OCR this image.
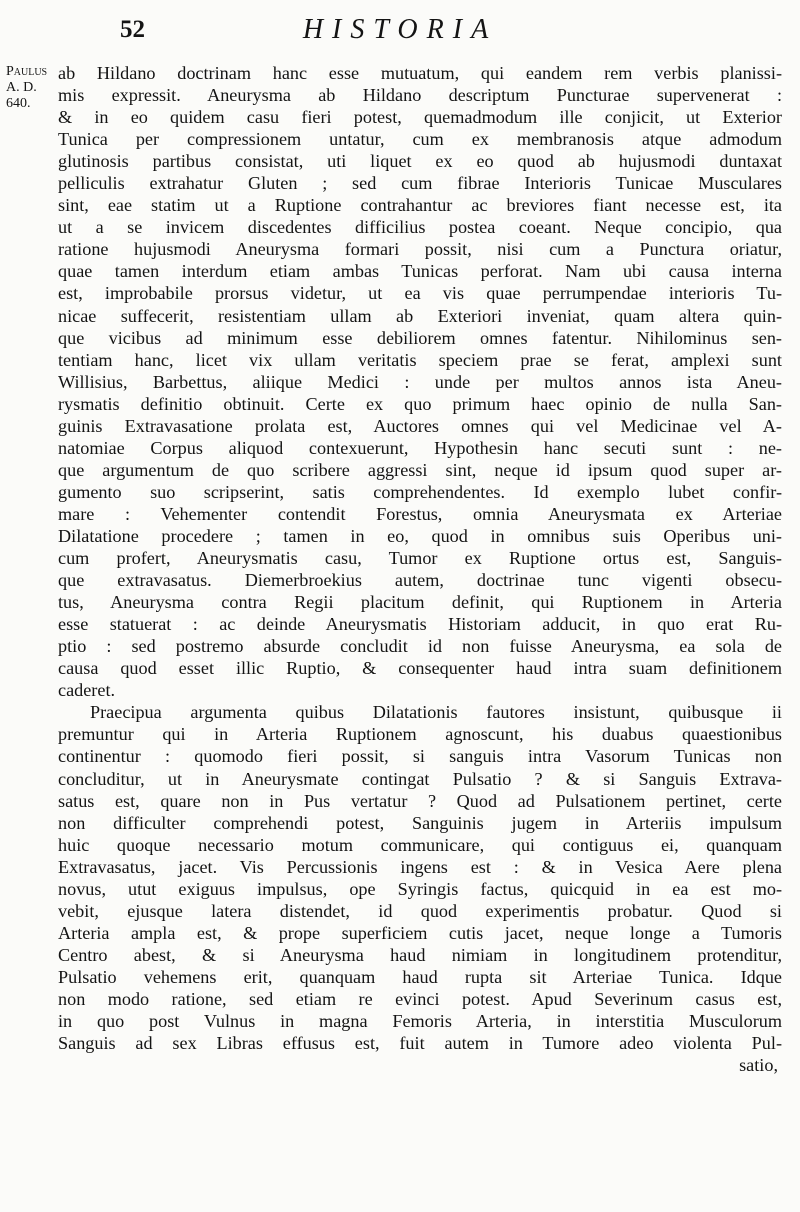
52	HISTORIA
Paulus
A. D.
640.
ab Hildano doctrinam hanc esse mutuatum, qui eandem rem verbis planissi-
mis expressit. Aneurysma ab Hildano descriptum Puncturae supervenerat :
& in eo quidem casu fieri potest, quemadmodum ille conjicit, ut Exterior
Tunica per compressionem untatur, cum ex membranosis atque admodum
glutinosis partibus consistat, uti liquet ex eo quod ab hujusmodi duntaxat
pelliculis extrahatur Gluten ; sed cum fibrae Interioris Tunicae Musculares
sint, eae statim ut a Ruptione contrahantur ac breviores fiant necesse est, ita
ut a se invicem discedentes difficilius postea coeant. Neque concipio, qua
ratione hujusmodi Aneurysma formari possit, nisi cum a Punctura oriatur,
quae tamen interdum etiam ambas Tunicas perforat. Nam ubi causa interna
est, improbabile prorsus videtur, ut ea vis quae perrumpendae interioris Tu-
nicae suffecerit, resistentiam ullam ab Exteriori inveniat, quam altera quin-
que vicibus ad minimum esse debiliorem omnes fatentur. Nihilominus sen-
tentiam hanc, licet vix ullam veritatis speciem prae se ferat, amplexi sunt
Willisius, Barbettus, aliique Medici : unde per multos annos ista Aneu-
rysmatis definitio obtinuit. Certe ex quo primum haec opinio de nulla San-
guinis Extravasatione prolata est, Auctores omnes qui vel Medicinae vel A-
natomiae Corpus aliquod contexuerunt, Hypothesin hanc secuti sunt : ne-
que argumentum de quo scribere aggressi sint, neque id ipsum quod super ar-
gumento suo scripserint, satis comprehendentes. Id exemplo lubet confir-
mare : Vehementer contendit Forestus, omnia Aneurysmata ex Arteriae
Dilatatione procedere ; tamen in eo, quod in omnibus suis Operibus uni-
cum profert, Aneurysmatis casu, Tumor ex Ruptione ortus est, Sanguis-
que extravasatus. Diemerbroekius autem, doctrinae tunc vigenti obsecu-
tus, Aneurysma contra Regii placitum definit, qui Ruptionem in Arteria
esse statuerat : ac deinde Aneurysmatis Historiam adducit, in quo erat Ru-
ptio : sed postremo absurde concludit id non fuisse Aneurysma, ea sola de
causa quod esset illic Ruptio, & consequenter haud intra suam definitionem
caderet.
Praecipua argumenta quibus Dilatationis fautores insistunt, quibusque ii
premuntur qui in Arteria Ruptionem agnoscunt, his duabus quaestionibus
continentur : quomodo fieri possit, si sanguis intra Vasorum Tunicas non
concluditur, ut in Aneurysmate contingat Pulsatio ? & si Sanguis Extrava-
satus est, quare non in Pus vertatur ? Quod ad Pulsationem pertinet, certe
non difficulter comprehendi potest, Sanguinis jugem in Arteriis impulsum
huic quoque necessario motum communicare, qui contiguus ei, quanquam
Extravasatus, jacet. Vis Percussionis ingens est : & in Vesica Aere plena
novus, utut exiguus impulsus, ope Syringis factus, quicquid in ea est mo-
vebit, ejusque latera distendet, id quod experimentis probatur. Quod si
Arteria ampla est, & prope superficiem cutis jacet, neque longe a Tumoris
Centro abest, & si Aneurysma haud nimiam in longitudinem protenditur,
Pulsatio vehemens erit, quanquam haud rupta sit Arteriae Tunica. Idque
non modo ratione, sed etiam re evinci potest. Apud Severinum casus est,
in quo post Vulnus in magna Femoris Arteria, in interstitia Musculorum
Sanguis ad sex Libras effusus est, fuit autem in Tumore adeo violenta Pul-
satio,
